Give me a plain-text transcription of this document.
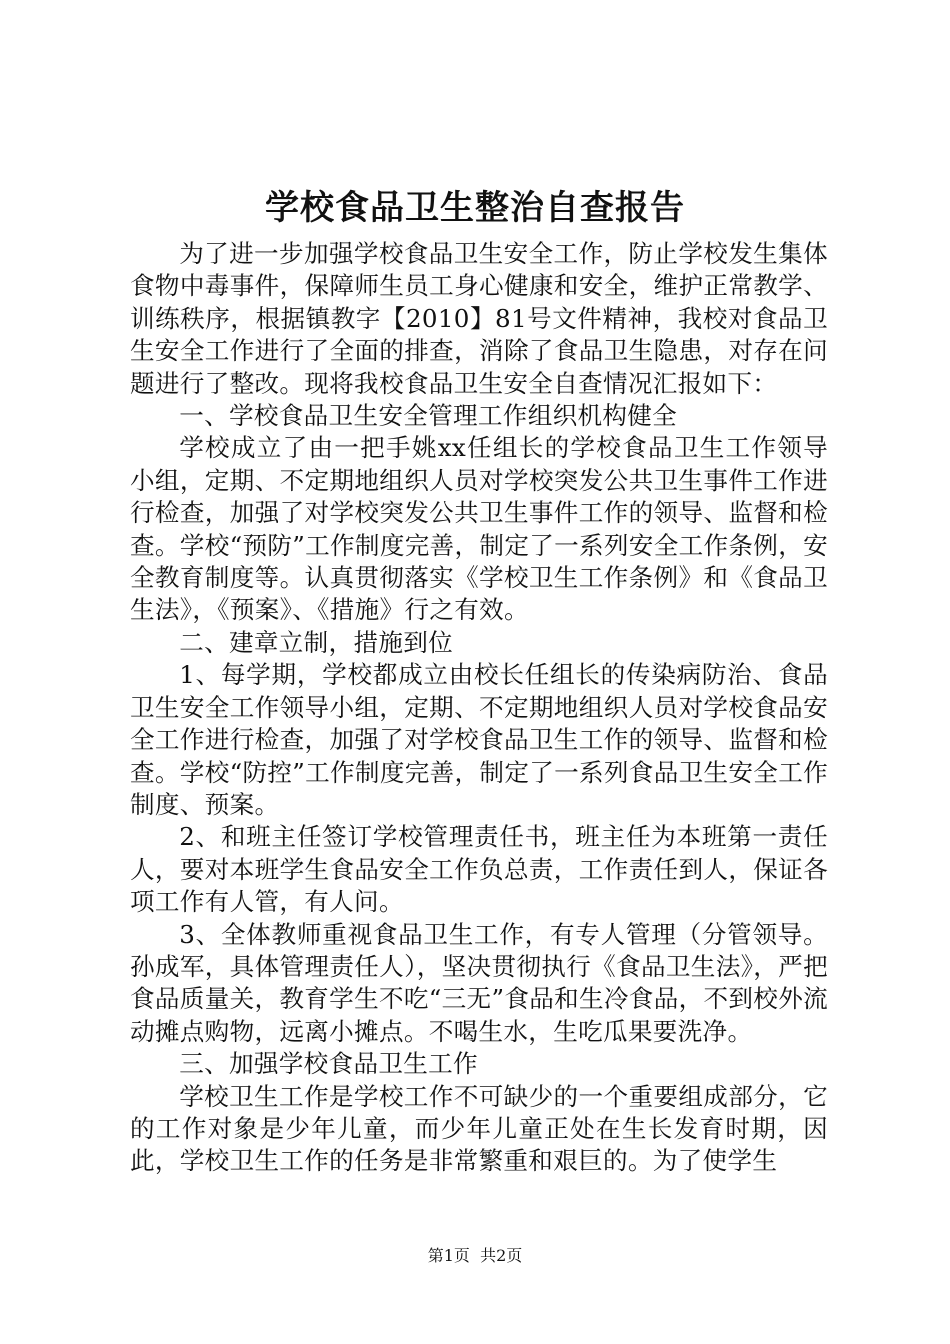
学校食品卫生整治自查报告

为了进一步加强学校食品卫生安全工作，防止学校发生集体食物中毒事件，保障师生员工身心健康和安全，维护正常教学、训练秩序，根据镇教字【2010】81号文件精神，我校对食品卫生安全工作进行了全面的排查，消除了食品卫生隐患，对存在问题进行了整改。现将我校食品卫生安全自查情况汇报如下：

一、学校食品卫生安全管理工作组织机构健全

学校成立了由一把手姚xx任组长的学校食品卫生工作领导小组，定期、不定期地组织人员对学校突发公共卫生事件工作进行检查，加强了对学校突发公共卫生事件工作的领导、监督和检查。学校“预防”工作制度完善，制定了一系列安全工作条例，安全教育制度等。认真贯彻落实《学校卫生工作条例》和《食品卫生法》，《预案》、《措施》行之有效。

二、建章立制，措施到位

1、每学期，学校都成立由校长任组长的传染病防治、食品卫生安全工作领导小组，定期、不定期地组织人员对学校食品安全工作进行检查，加强了对学校食品卫生工作的领导、监督和检查。学校“防控”工作制度完善，制定了一系列食品卫生安全工作制度、预案。

2、和班主任签订学校管理责任书，班主任为本班第一责任人，要对本班学生食品安全工作负总责，工作责任到人，保证各项工作有人管，有人问。

3、全体教师重视食品卫生工作，有专人管理（分管领导。孙成军，具体管理责任人），坚决贯彻执行《食品卫生法》，严把食品质量关，教育学生不吃“三无”食品和生冷食品，不到校外流动摊点购物，远离小摊点。不喝生水，生吃瓜果要洗净。

三、加强学校食品卫生工作

学校卫生工作是学校工作不可缺少的一个重要组成部分，它的工作对象是少年儿童，而少年儿童正处在生长发育时期，因此，学校卫生工作的任务是非常繁重和艰巨的。为了使学生

第1页  共2页
